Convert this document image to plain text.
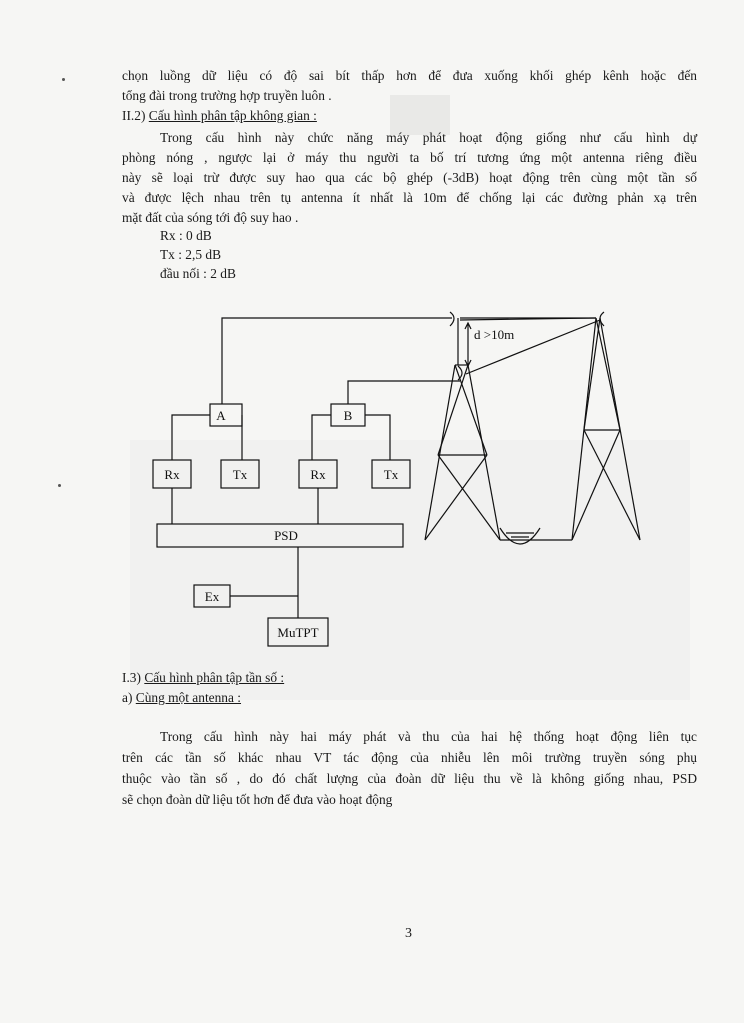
chọn luồng dữ liệu có độ sai bít thấp hơn để đưa xuống khối ghép kênh hoặc đến
tổng đài trong trường hợp truyền luôn .
II.2) Cấu hình phân tập không gian :
Trong cấu hình này chức năng máy phát hoạt động giống như cấu hình dự
phòng nóng , ngược lại ở máy thu người ta bố trí tương ứng một antenna riêng điều
này sẽ loại trừ được suy hao qua các bộ ghép (-3dB) hoạt động trên cùng một tần số
và được lệch nhau trên tụ antenna ít nhất là 10m để chống lại các đường phản xạ trên
mặt đất của sóng tới độ suy hao .
Rx : 0 dB
Tx : 2,5 dB
đầu nối : 2 dB
A	B
Rx	Tx	Rx	Tx
PSD
Ex
MuTPT
d >10m
I.3) Cấu hình phân tập tần số :
a) Cùng một antenna :
Trong cấu hình này hai máy phát và thu của hai hệ thống hoạt động liên tục
trên các tần số khác nhau VT tác động của nhiễu lên môi trường truyền sóng phụ
thuộc vào tần số , do đó chất lượng của đoàn dữ liệu thu về là không giống nhau, PSD
sẽ chọn đoàn dữ liệu tốt hơn để đưa vào hoạt động
3
